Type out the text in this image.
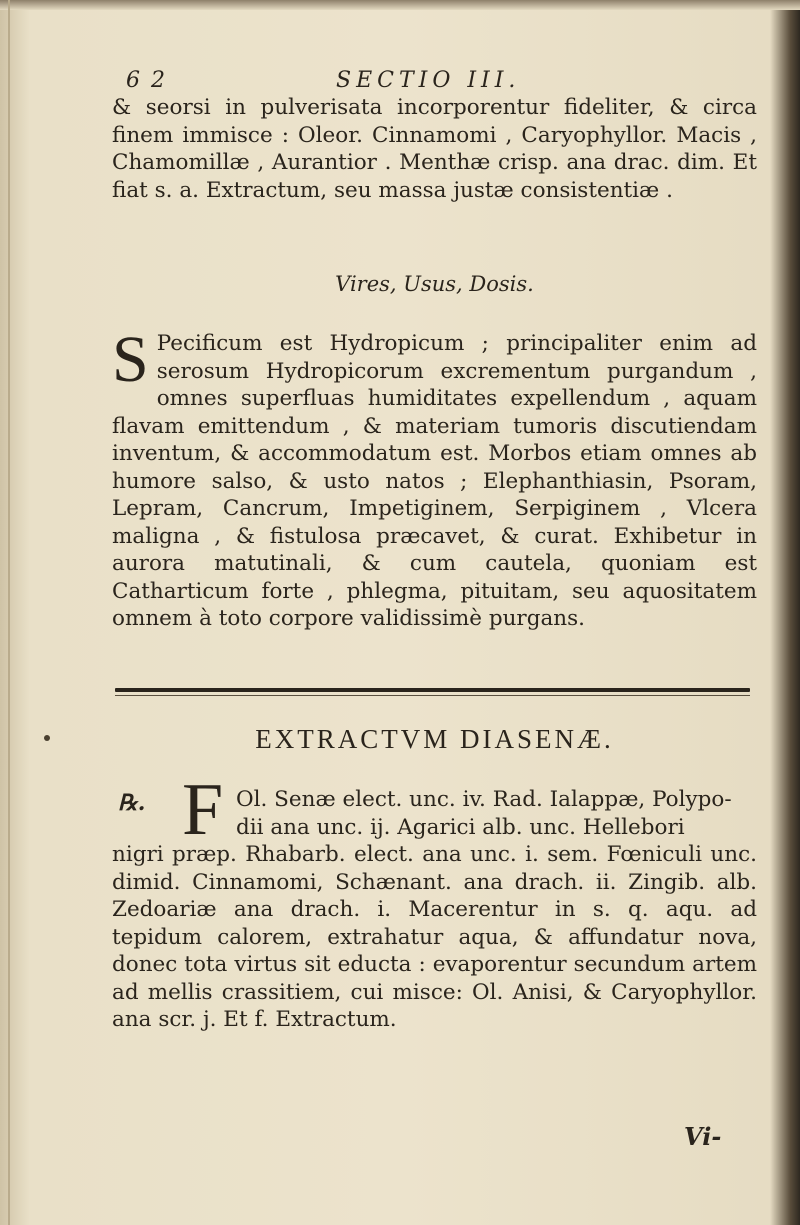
6 2	SECTIO III.

& seorsi in pulverisata incorporentur fideliter, & circa finem immisce : Oleor. Cinnamomi , Caryophyllor. Macis , Chamomillæ , Aurantior . Menthæ crisp. ana drac. dim. Et fiat s. a. Extractum, seu massa justæ consistentiæ .

Vires, Usus, Dosis.

S Pecificum est Hydropicum ; principaliter enim ad serosum Hydropicorum excrementum purgandum , omnes superfluas humiditates expellendum , aquam flavam emittendum , & materiam tumoris discutiendam inventum, & accommodatum est. Morbos etiam omnes ab humore salso, & usto natos ; Elephanthiasin, Psoram, Lepram, Cancrum, Impetiginem, Serpiginem , Vlcera maligna , & fistulosa præcavet, & curat. Exhibetur in aurora matutinali, & cum cautela, quoniam est Catharticum forte , phlegma, pituitam, seu aquositatem omnem à toto corpore validissimè purgans.

EXTRACTVM DIASENÆ.
℞. F Ol. Senæ elect. unc. iv. Rad. Ialappæ, Polypo-
dii ana unc. ij. Agarici alb. unc. Hellebori

nigri præp. Rhabarb. elect. ana unc. i. sem. Fœniculi unc. dimid. Cinnamomi, Schænant. ana drach. ii. Zingib. alb. Zedoariæ ana drach. i. Macerentur in s. q. aqu. ad tepidum calorem, extrahatur aqua, & affundatur nova, donec tota virtus sit educta : evaporentur secundum artem ad mellis crassitiem, cui misce: Ol. Anisi, & Caryophyllor. ana scr. j. Et f. Extractum.

Vi-
